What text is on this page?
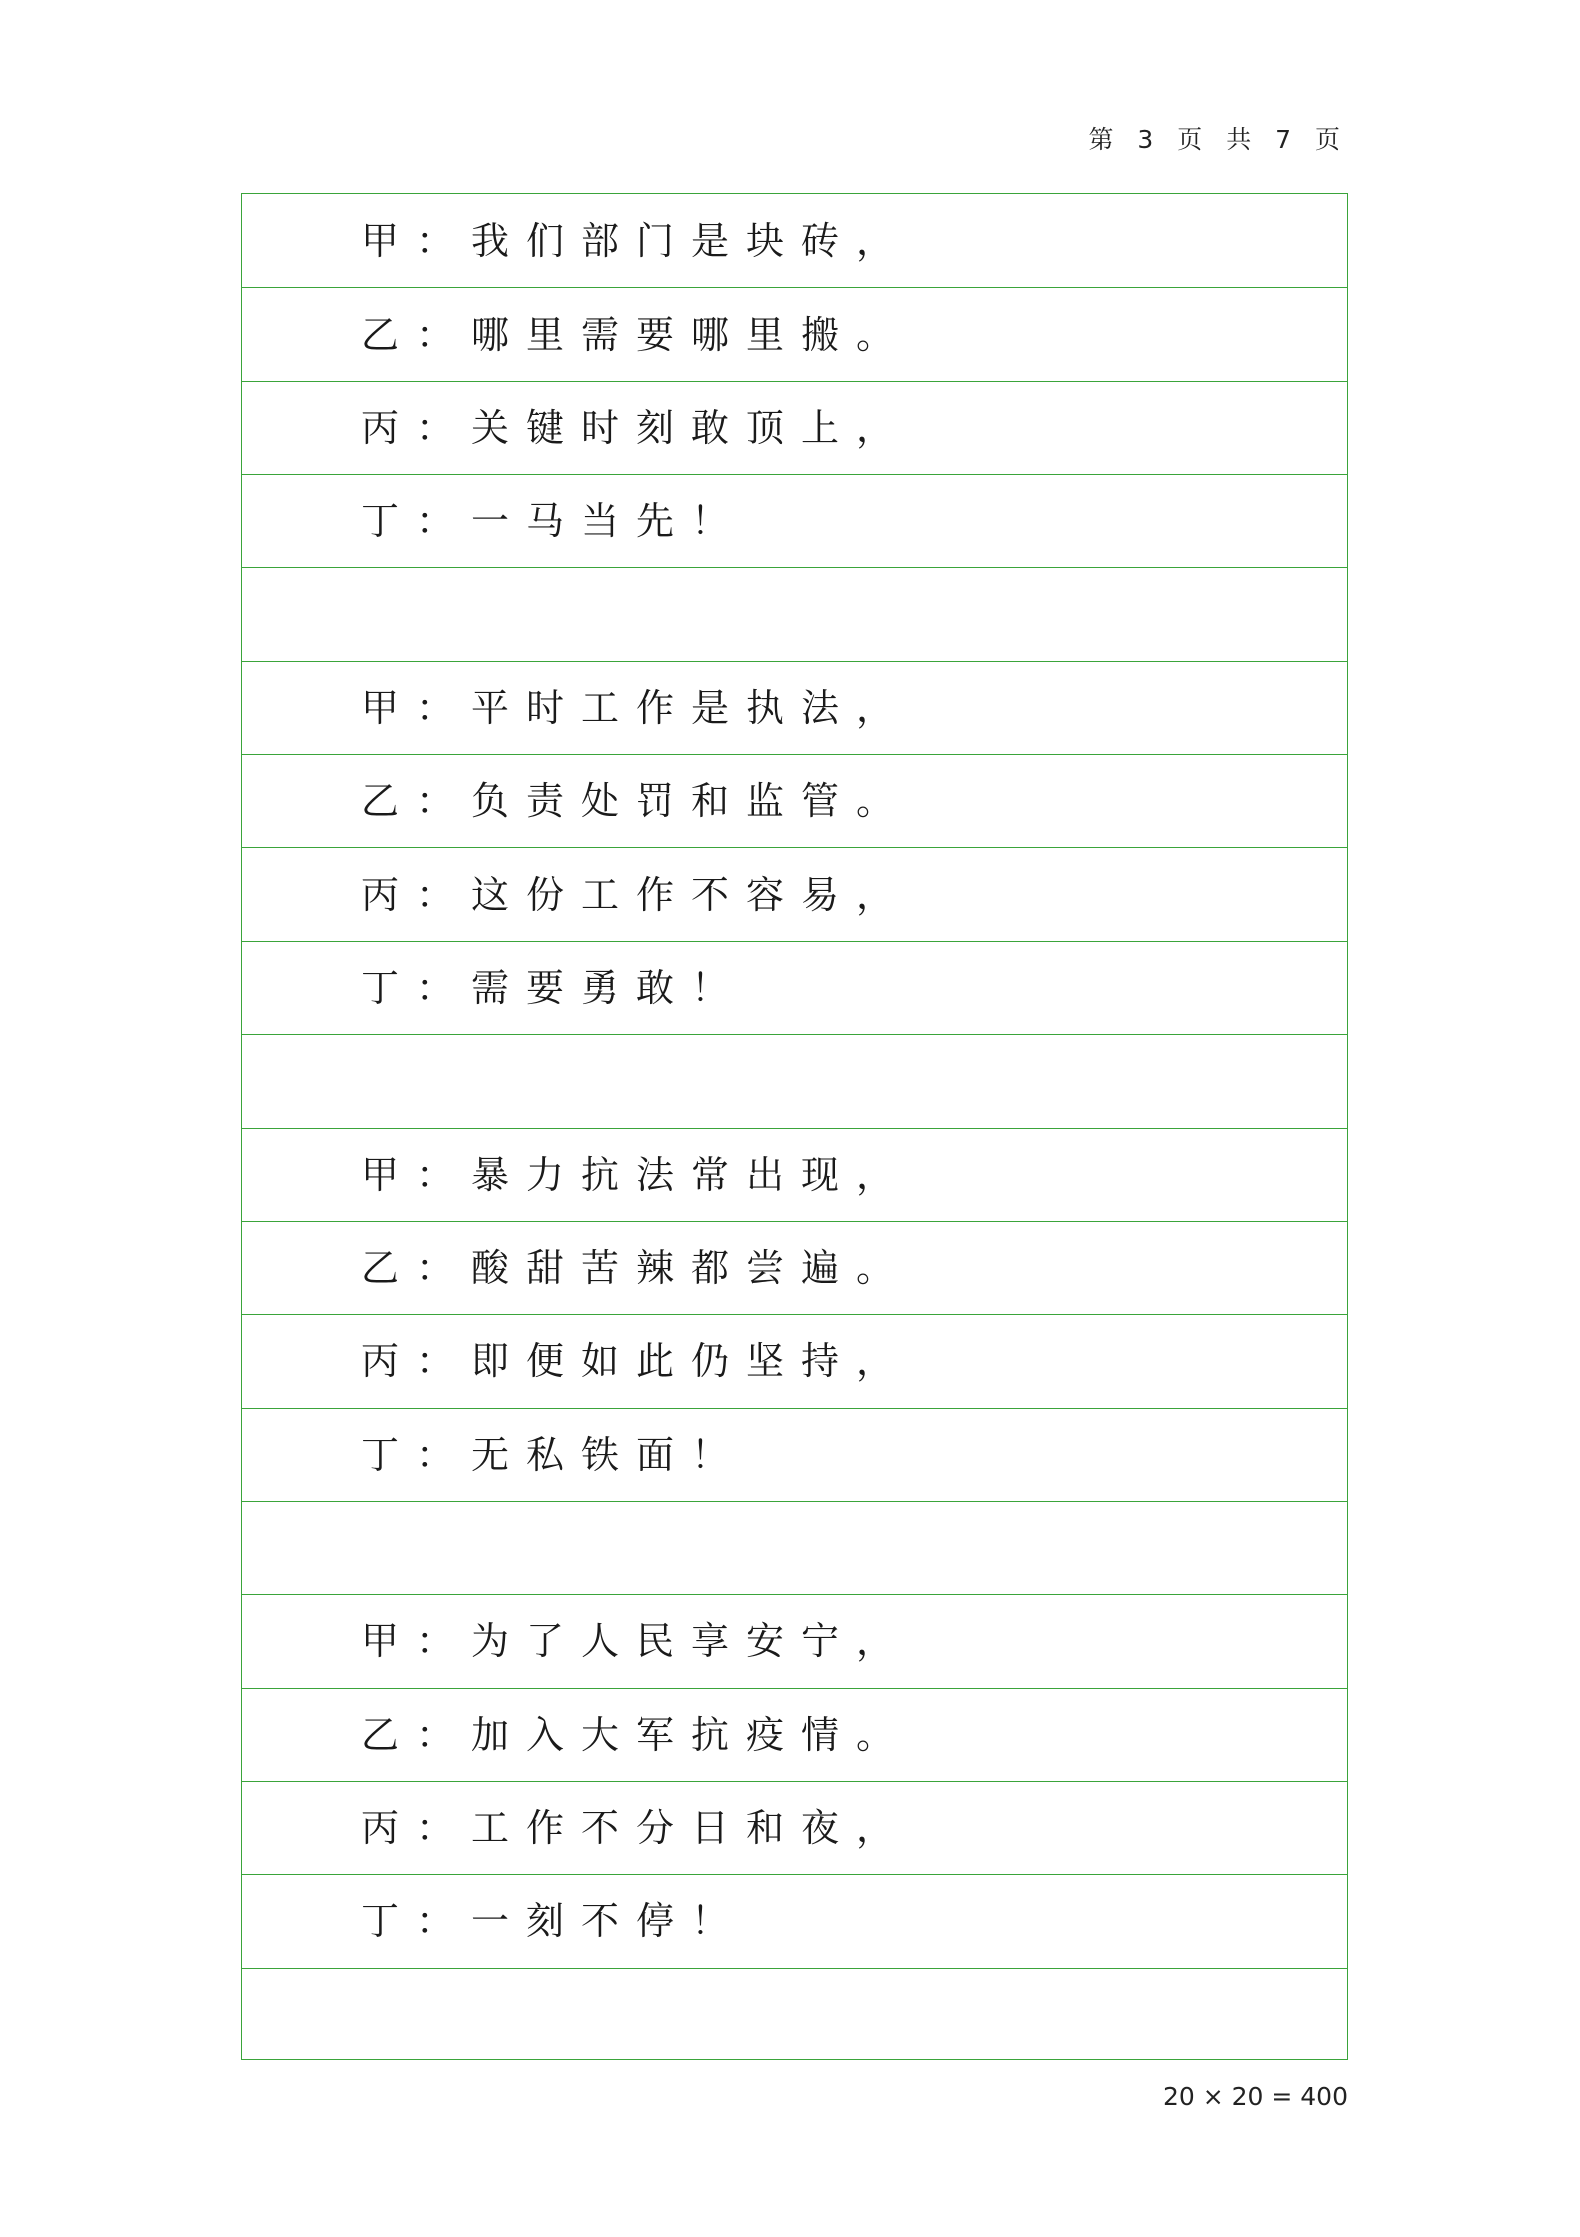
第 3 页 共 7 页
甲：我们部门是块砖，
乙：哪里需要哪里搬。
丙：关键时刻敢顶上，
丁：一马当先！
甲：平时工作是执法，
乙：负责处罚和监管。
丙：这份工作不容易，
丁：需要勇敢！
甲：暴力抗法常出现，
乙：酸甜苦辣都尝遍。
丙：即便如此仍坚持，
丁：无私铁面！
甲：为了人民享安宁，
乙：加入大军抗疫情。
丙：工作不分日和夜，
丁：一刻不停！
20 × 20 = 400
